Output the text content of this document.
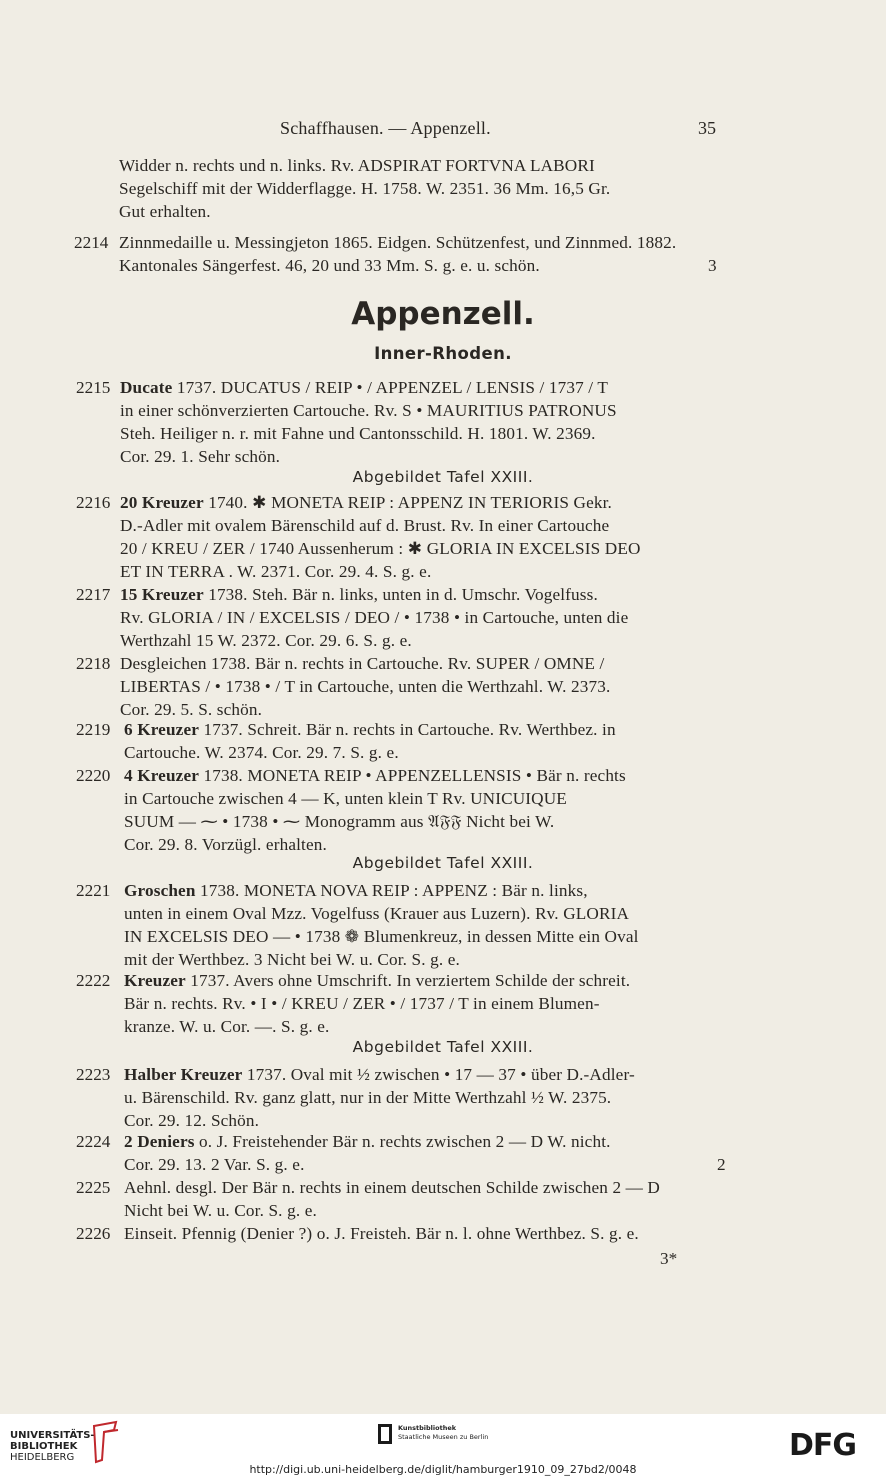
Schaffhausen. — Appenzell.	35
Widder n. rechts und n. links. Rv. ADSPIRAT FORTVNA LABORI
Segelschiff mit der Widderflagge. H. 1758. W. 2351. 36 Mm. 16,5 Gr.
Gut erhalten.
2214 Zinnmedaille u. Messingjeton 1865. Eidgen. Schützenfest, und Zinnmed. 1882.
Kantonales Sängerfest. 46, 20 und 33 Mm. S. g. e. u. schön.	3
Appenzell.
Inner-Rhoden.
2215 Ducate 1737. DUCATUS / REIP • / APPENZEL / LENSIS / 1737 / T
in einer schönverzierten Cartouche. Rv. S • MAURITIUS PATRONUS
Steh. Heiliger n. r. mit Fahne und Cantonsschild. H. 1801. W. 2369.
Cor. 29. 1. Sehr schön.
Abgebildet Tafel XXIII.
2216 20 Kreuzer 1740. ✱ MONETA REIP : APPENZ IN TERIORIS Gekr.
D.-Adler mit ovalem Bärenschild auf d. Brust. Rv. In einer Cartouche
20 / KREU / ZER / 1740 Aussenherum : ✱ GLORIA IN EXCELSIS DEO
ET IN TERRA . W. 2371. Cor. 29. 4. S. g. e.
2217 15 Kreuzer 1738. Steh. Bär n. links, unten in d. Umschr. Vogelfuss.
Rv. GLORIA / IN / EXCELSIS / DEO / • 1738 • in Cartouche, unten die
Werthzahl 15 W. 2372. Cor. 29. 6. S. g. e.
2218 Desgleichen 1738. Bär n. rechts in Cartouche. Rv. SUPER / OMNE /
LIBERTAS / • 1738 • / T in Cartouche, unten die Werthzahl. W. 2373.
Cor. 29. 5. S. schön.
2219 6 Kreuzer 1737. Schreit. Bär n. rechts in Cartouche. Rv. Werthbez. in
Cartouche. W. 2374. Cor. 29. 7. S. g. e.
2220 4 Kreuzer 1738. MONETA REIP • APPENZELLENSIS • Bär n. rechts
in Cartouche zwischen 4 — K, unten klein T Rv. UNICUIQUE
SUUM — ⁓ • 1738 • ⁓ Monogramm aus 𝔄𝔉𝔉 Nicht bei W.
Cor. 29. 8. Vorzügl. erhalten.
Abgebildet Tafel XXIII.
2221 Groschen 1738. MONETA NOVA REIP : APPENZ : Bär n. links,
unten in einem Oval Mzz. Vogelfuss (Krauer aus Luzern). Rv. GLORIA
IN EXCELSIS DEO — • 1738 ❁ Blumenkreuz, in dessen Mitte ein Oval
mit der Werthbez. 3 Nicht bei W. u. Cor. S. g. e.
2222 Kreuzer 1737. Avers ohne Umschrift. In verziertem Schilde der schreit.
Bär n. rechts. Rv. • I • / KREU / ZER • / 1737 / T in einem Blumen-
kranze. W. u. Cor. —. S. g. e.
Abgebildet Tafel XXIII.
2223 Halber Kreuzer 1737. Oval mit ½ zwischen • 17 — 37 • über D.-Adler-
u. Bärenschild. Rv. ganz glatt, nur in der Mitte Werthzahl ½ W. 2375.
Cor. 29. 12. Schön.
2224 2 Deniers o. J. Freistehender Bär n. rechts zwischen 2 — D W. nicht.
Cor. 29. 13. 2 Var. S. g. e.	2
2225 Aehnl. desgl. Der Bär n. rechts in einem deutschen Schilde zwischen 2 — D
Nicht bei W. u. Cor. S. g. e.
2226 Einseit. Pfennig (Denier ?) o. J. Freisteh. Bär n. l. ohne Werthbez. S. g. e.
3*
UNIVERSITÄTS-
BIBLIOTHEK
HEIDELBERG
Kunstbibliothek
Staatliche Museen zu Berlin	DFG
http://digi.ub.uni-heidelberg.de/diglit/hamburger1910_09_27bd2/0048
